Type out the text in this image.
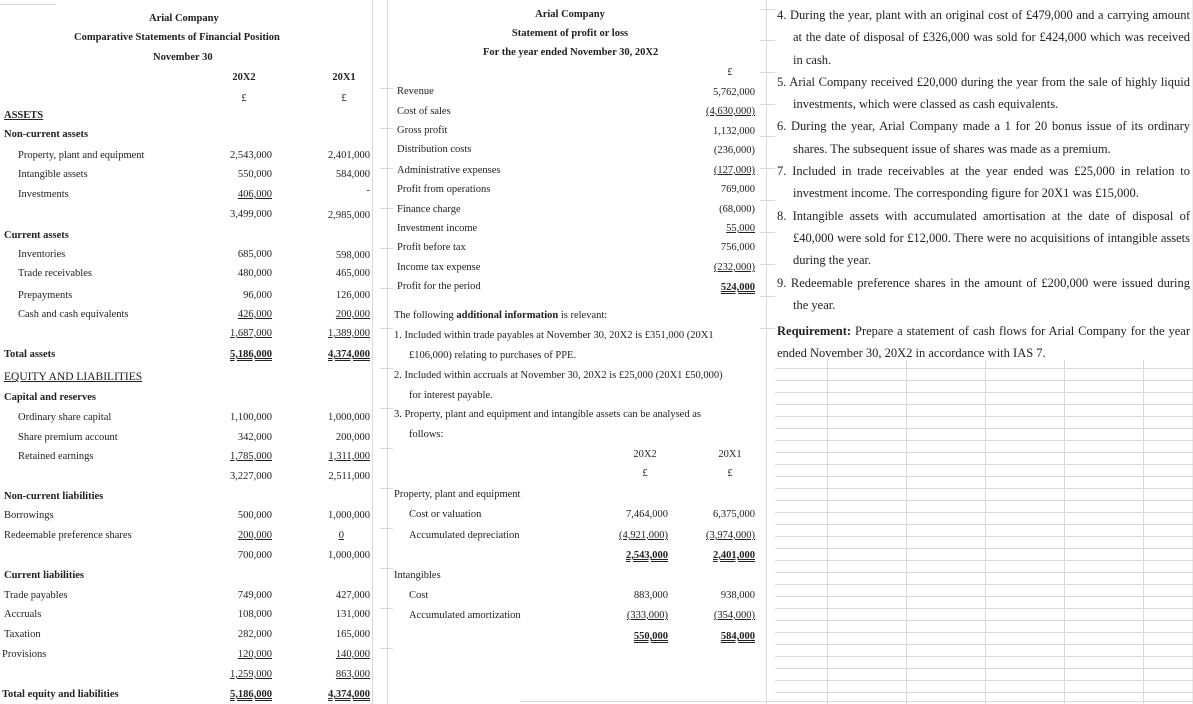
Arial Company
Comparative Statements of Financial Position
November 30
20X2	20X1
£	£
ASSETS
Non-current assets
Property, plant and equipment	2,543,000	2,401,000
Intangible assets	550,000	584,000
Investments	406,000	-
3,499,000	2,985,000
Current assets
Inventories	685,000	598,000
Trade receivables	480,000	465,000
Prepayments	96,000	126,000
Cash and cash equivalents	426,000	200,000
1,687,000	1,389,000
Total assets	5,186,000	4,374,000
EQUITY AND LIABILITIES
Capital and reserves
Ordinary share capital	1,100,000	1,000,000
Share premium account	342,000	200,000
Retained earnings	1,785,000	1,311,000
3,227,000	2,511,000
Non-current liabilities
Borrowings	500,000	1,000,000
Redeemable preference shares	200,000	0
700,000	1,000,000
Current liabilities
Trade payables	749,000	427,000
Accruals	108,000	131,000
Taxation	282,000	165,000
Provisions	120,000	140,000
1,259,000	863,000
Total equity and liabilities	5,186,000	4,374,000
Arial Company
Statement of profit or loss
For the year ended November 30, 20X2
£
Revenue	5,762,000
Cost of sales	(4,630,000)
Gross profit	1,132,000
Distribution costs	(236,000)
Administrative expenses	(127,000)
Profit from operations	769,000
Finance charge	(68,000)
Investment income	55,000
Profit before tax	756,000
Income tax expense	(232,000)
Profit for the period	524,000
The following additional information is relevant:
1. Included within trade payables at November 30, 20X2 is £351,000 (20X1
£106,000) relating to purchases of PPE.
2. Included within accruals at November 30, 20X2 is £25,000 (20X1 £50,000)
for interest payable.
3. Property, plant and equipment and intangible assets can be analysed as
follows:
20X2	20X1
£	£
Property, plant and equipment
Cost or valuation	7,464,000	6,375,000
Accumulated depreciation	(4,921,000)	(3,974,000)
2,543,000	2,401,000
Intangibles
Cost	883,000	938,000
Accumulated amortization	(333,000)	(354,000)
550,000	584,000

4. During the year, plant with an original cost of £479,000 and a carrying amount at the date of disposal of £326,000 was sold for £424,000 which was received in cash.

5. Arial Company received £20,000 during the year from the sale of highly liquid investments, which were classed as cash equivalents.

6. During the year, Arial Company made a 1 for 20 bonus issue of its ordinary shares. The subsequent issue of shares was made as a premium.

7. Included in trade receivables at the year ended was £25,000 in relation to investment income. The corresponding figure for 20X1 was £15,000.

8. Intangible assets with accumulated amortisation at the date of disposal of £40,000 were sold for £12,000. There were no acquisitions of intangible assets during the year.

9. Redeemable preference shares in the amount of £200,000 were issued during the year.

Requirement: Prepare a statement of cash flows for Arial Company for the year ended November 30, 20X2 in accordance with IAS 7.
